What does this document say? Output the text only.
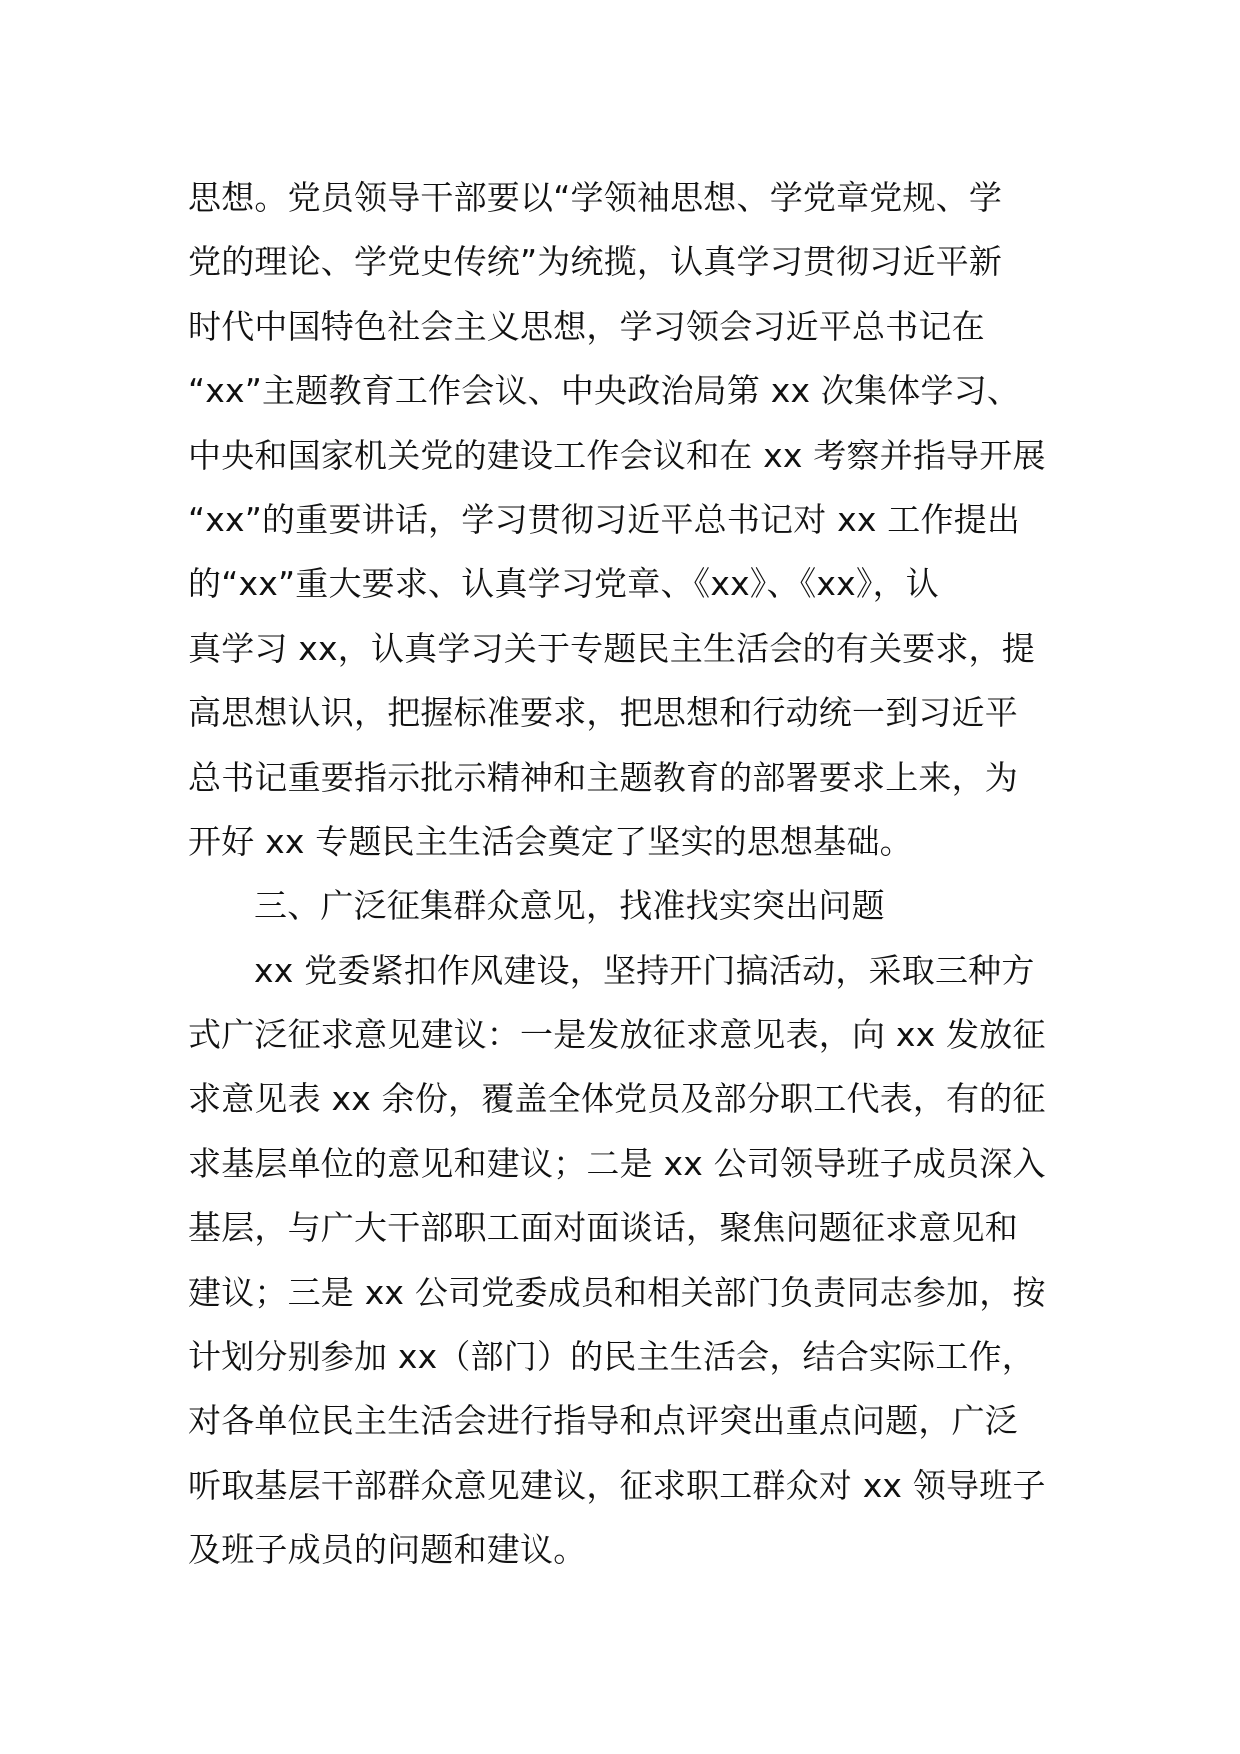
思想。党员领导干部要以“学领袖思想、学党章党规、学
党的理论、学党史传统”为统揽，认真学习贯彻习近平新
时代中国特色社会主义思想，学习领会习近平总书记在
“xx”主题教育工作会议、中央政治局第 xx 次集体学习、
中央和国家机关党的建设工作会议和在 xx 考察并指导开展
“xx”的重要讲话，学习贯彻习近平总书记对 xx 工作提出
的“xx”重大要求、认真学习党章、《xx》、《xx》，认
真学习 xx，认真学习关于专题民主生活会的有关要求，提
高思想认识，把握标准要求，把思想和行动统一到习近平
总书记重要指示批示精神和主题教育的部署要求上来，为
开好 xx 专题民主生活会奠定了坚实的思想基础。
三、广泛征集群众意见，找准找实突出问题
xx 党委紧扣作风建设，坚持开门搞活动，采取三种方
式广泛征求意见建议：一是发放征求意见表，向 xx 发放征
求意见表 xx 余份，覆盖全体党员及部分职工代表，有的征
求基层单位的意见和建议；二是 xx 公司领导班子成员深入
基层，与广大干部职工面对面谈话，聚焦问题征求意见和
建议；三是 xx 公司党委成员和相关部门负责同志参加，按
计划分别参加 xx（部门）的民主生活会，结合实际工作，
对各单位民主生活会进行指导和点评突出重点问题，广泛
听取基层干部群众意见建议，征求职工群众对 xx 领导班子
及班子成员的问题和建议。
